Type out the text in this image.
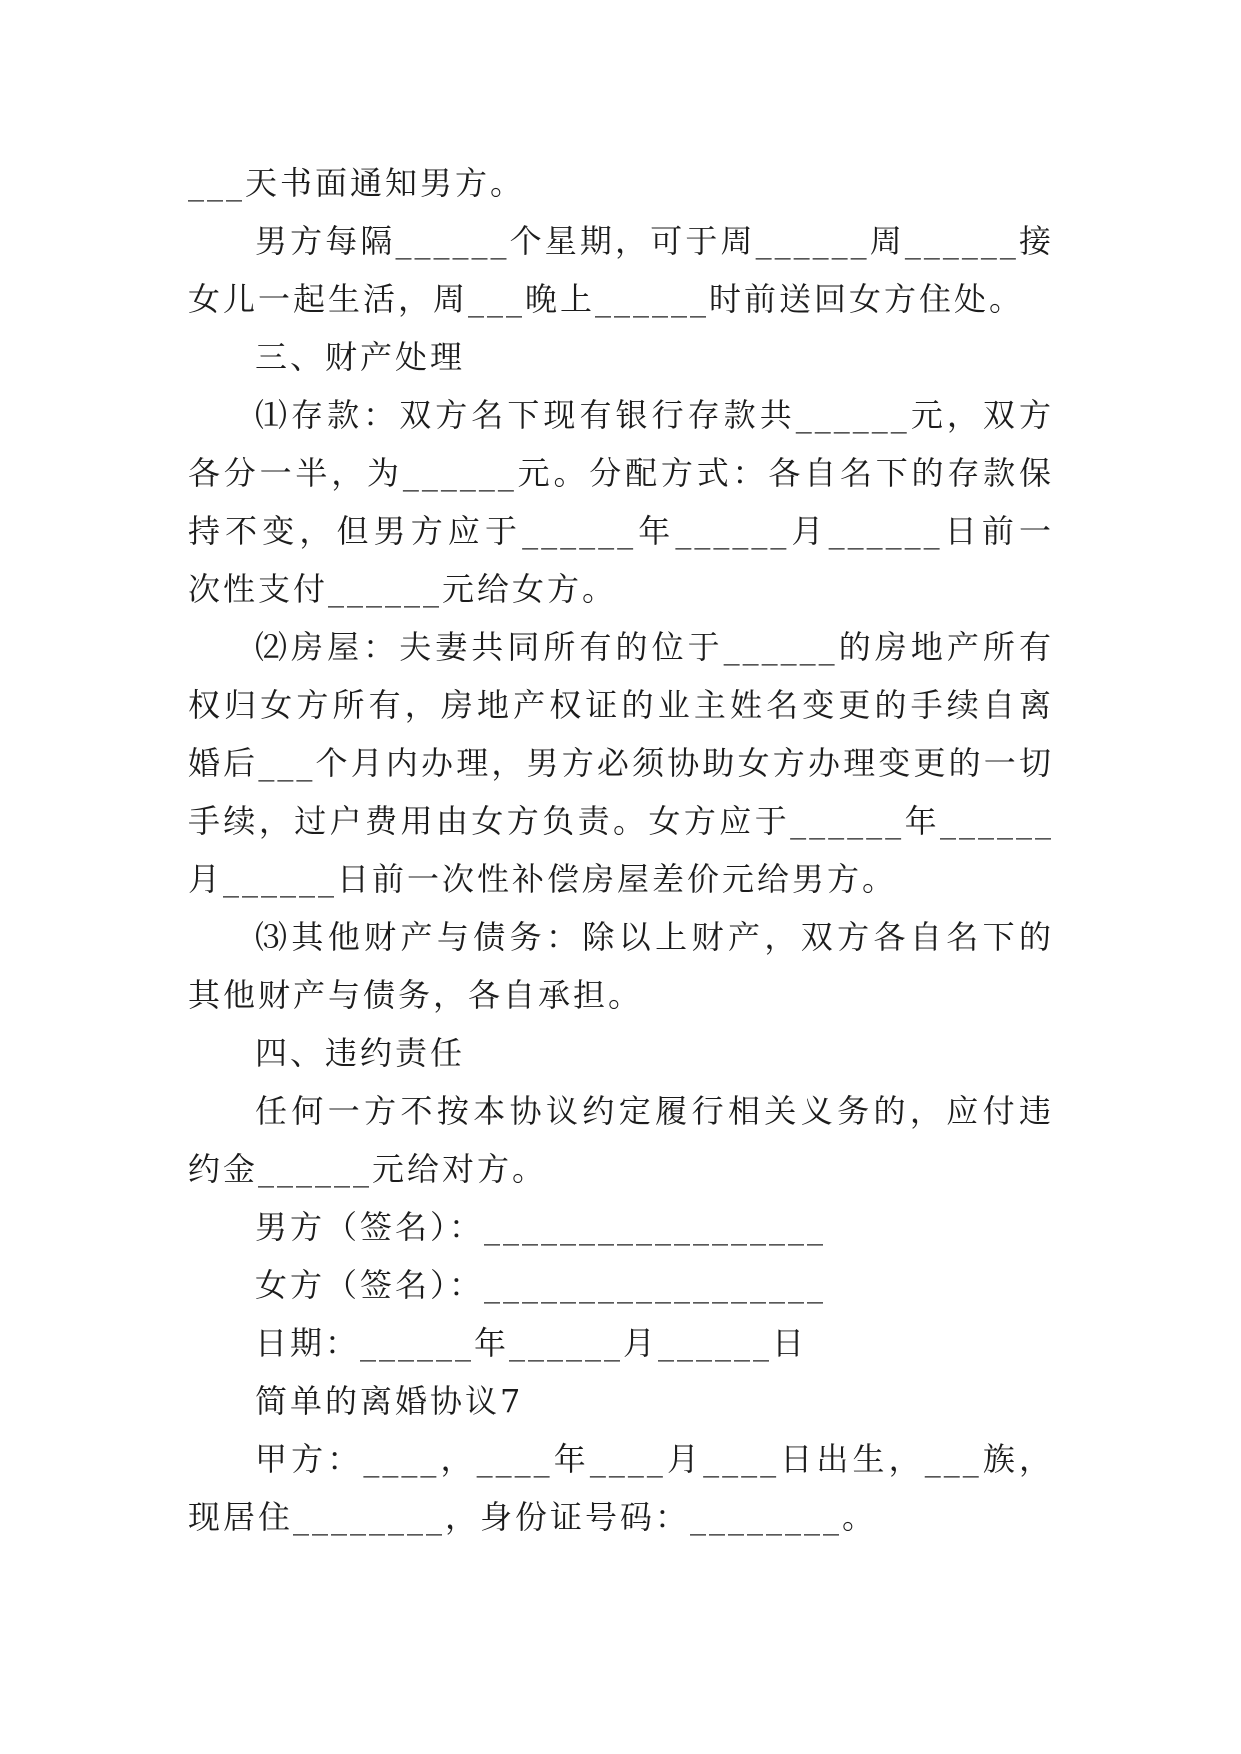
___天书面通知男方。

男方每隔______个星期，可于周______周______接女儿一起生活，周___晚上______时前送回女方住处。

三、财产处理

⑴存款：双方名下现有银行存款共______元，双方各分一半，为______元。分配方式：各自名下的存款保持不变，但男方应于______年______月______日前一次性支付______元给女方。

⑵房屋：夫妻共同所有的位于______的房地产所有权归女方所有，房地产权证的业主姓名变更的手续自离婚后___个月内办理，男方必须协助女方办理变更的一切手续，过户费用由女方负责。女方应于______年______月______日前一次性补偿房屋差价元给男方。

⑶其他财产与债务：除以上财产，双方各自名下的其他财产与债务，各自承担。

四、违约责任

任何一方不按本协议约定履行相关义务的，应付违约金______元给对方。

男方（签名）：__________________

女方（签名）：__________________

日期：______年______月______日

简单的离婚协议7

甲方：____，____年____月____日出生，___族，现居住________，身份证号码：________。
